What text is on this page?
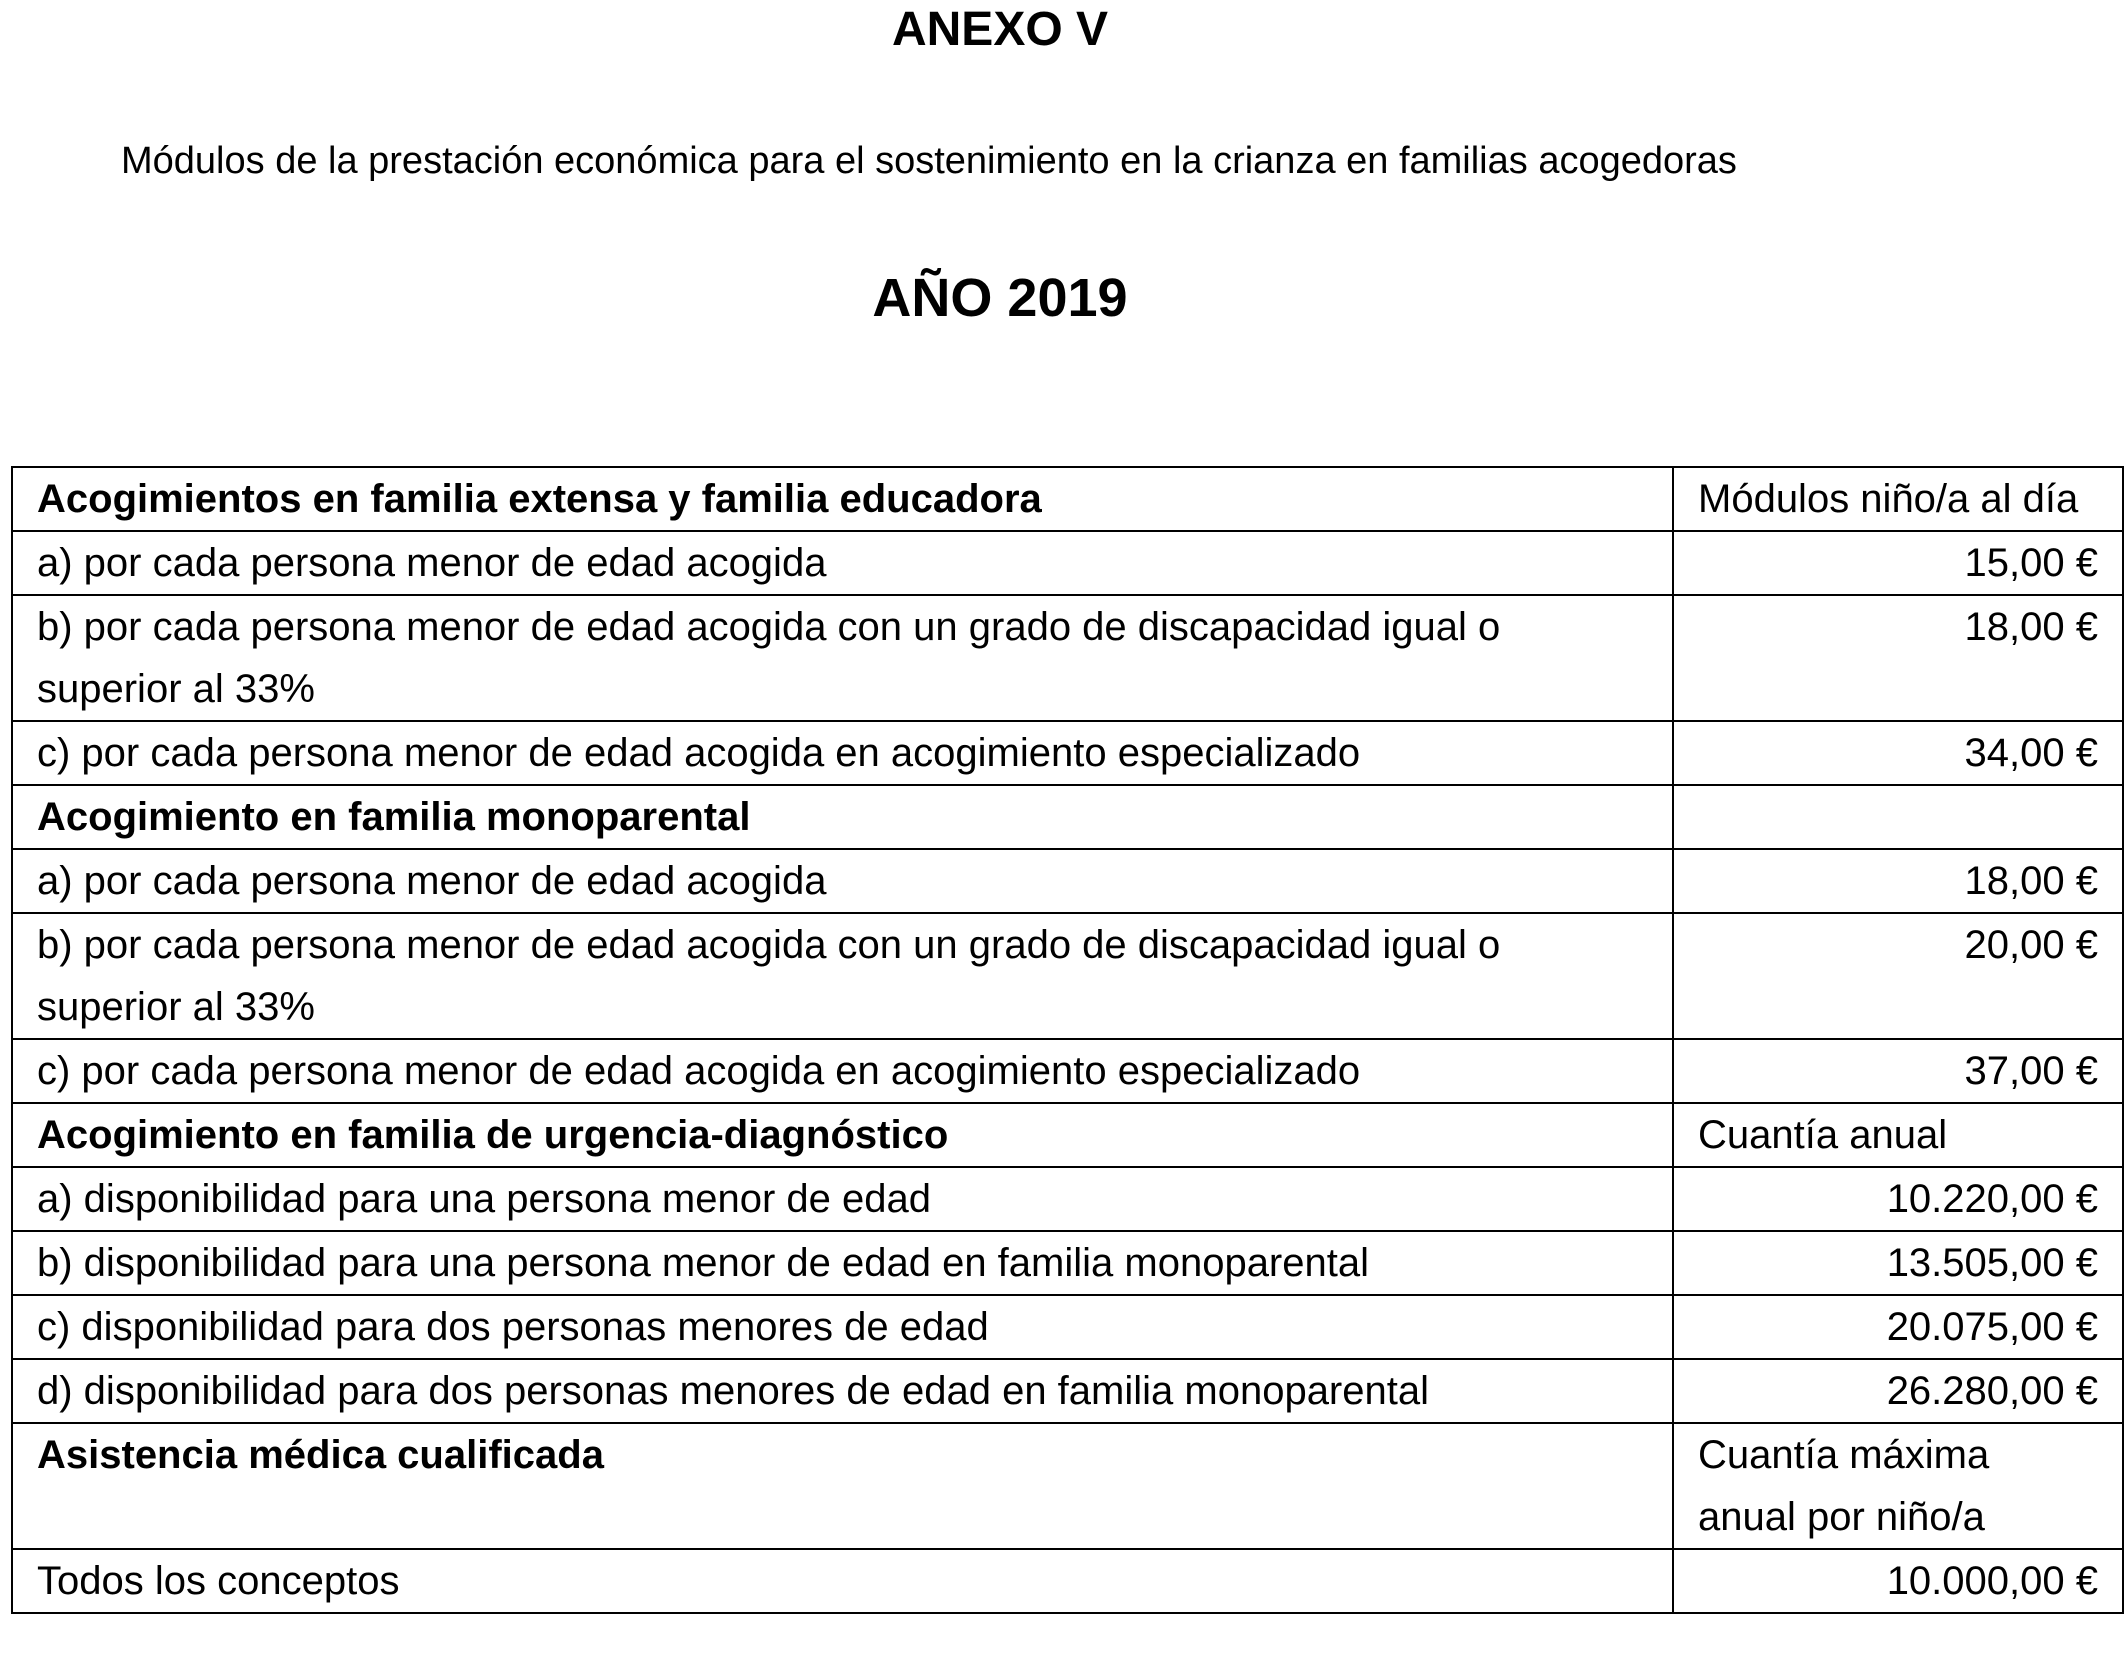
ANEXO V

Módulos de la prestación económica para el sostenimiento en la crianza en familias acogedoras

AÑO 2019
Acogimientos en familia extensa y familia educadora	Módulos niño/a al día
a) por cada persona menor de edad acogida	15,00 €
b) por cada persona menor de edad acogida con un grado de discapacidad igual o superior al 33%	18,00 €
c) por cada persona menor de edad acogida en acogimiento especializado	34,00 €
Acogimiento en familia monoparental	
a) por cada persona menor de edad acogida	18,00 €
b) por cada persona menor de edad acogida con un grado de discapacidad igual o superior al 33%	20,00 €
c) por cada persona menor de edad acogida en acogimiento especializado	37,00 €
Acogimiento en familia de urgencia-diagnóstico	Cuantía anual
a) disponibilidad para una persona menor de edad	10.220,00 €
b) disponibilidad para una persona menor de edad en familia monoparental	13.505,00 €
c) disponibilidad para dos personas menores de edad	20.075,00 €
d) disponibilidad para dos personas menores de edad en familia monoparental	26.280,00 €
Asistencia médica cualificada	Cuantía máxima anual por niño/a
Todos los conceptos	10.000,00 €
